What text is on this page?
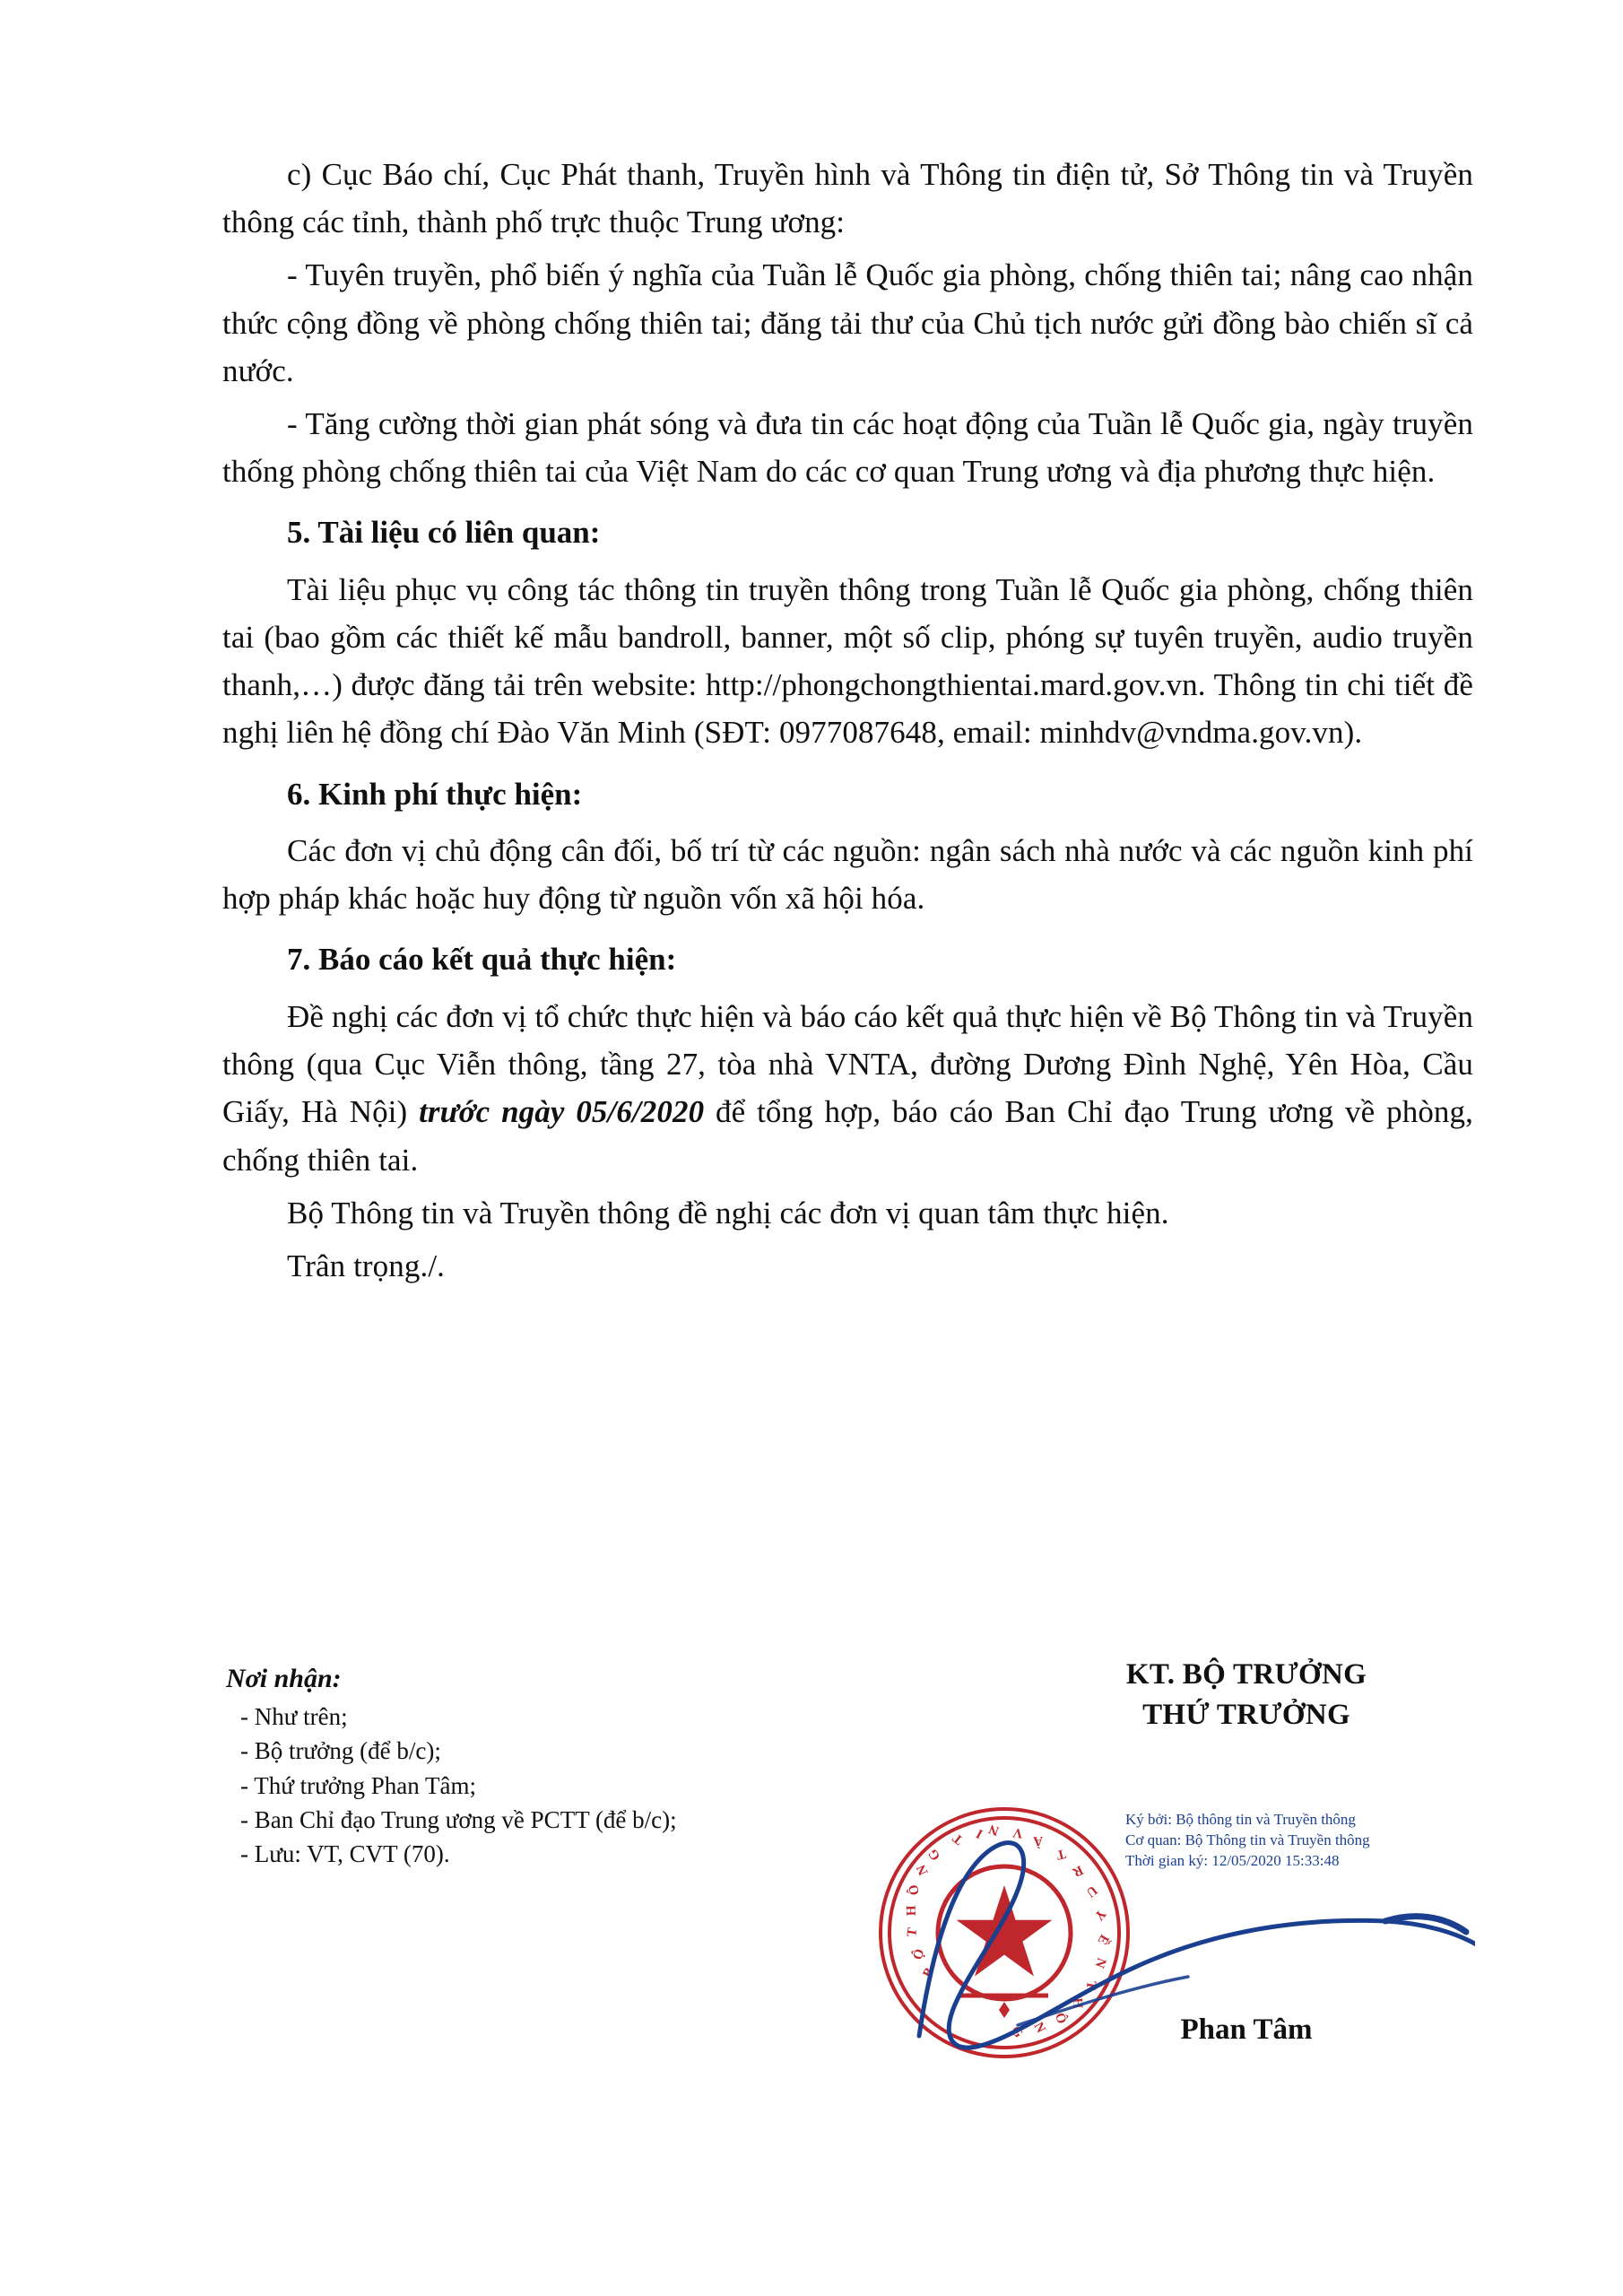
c) Cục Báo chí, Cục Phát thanh, Truyền hình và Thông tin điện tử, Sở Thông tin và Truyền thông các tỉnh, thành phố trực thuộc Trung ương:

- Tuyên truyền, phổ biến ý nghĩa của Tuần lễ Quốc gia phòng, chống thiên tai; nâng cao nhận thức cộng đồng về phòng chống thiên tai; đăng tải thư của Chủ tịch nước gửi đồng bào chiến sĩ cả nước.

- Tăng cường thời gian phát sóng và đưa tin các hoạt động của Tuần lễ Quốc gia, ngày truyền thống phòng chống thiên tai của Việt Nam do các cơ quan Trung ương và địa phương thực hiện.

5. Tài liệu có liên quan:

Tài liệu phục vụ công tác thông tin truyền thông trong Tuần lễ Quốc gia phòng, chống thiên tai (bao gồm các thiết kế mẫu bandroll, banner, một số clip, phóng sự tuyên truyền, audio truyền thanh,…) được đăng tải trên website: http://phongchongthientai.mard.gov.vn. Thông tin chi tiết đề nghị liên hệ đồng chí Đào Văn Minh (SĐT: 0977087648, email: minhdv@vndma.gov.vn).

6. Kinh phí thực hiện:

Các đơn vị chủ động cân đối, bố trí từ các nguồn: ngân sách nhà nước và các nguồn kinh phí hợp pháp khác hoặc huy động từ nguồn vốn xã hội hóa.

7. Báo cáo kết quả thực hiện:

Đề nghị các đơn vị tổ chức thực hiện và báo cáo kết quả thực hiện về Bộ Thông tin và Truyền thông (qua Cục Viễn thông, tầng 27, tòa nhà VNTA, đường Dương Đình Nghệ, Yên Hòa, Cầu Giấy, Hà Nội) trước ngày 05/6/2020 để tổng hợp, báo cáo Ban Chỉ đạo Trung ương về phòng, chống thiên tai.

Bộ Thông tin và Truyền thông đề nghị các đơn vị quan tâm thực hiện.

Trân trọng./.

Nơi nhận:
- Như trên;
- Bộ trưởng (để b/c);
- Thứ trưởng Phan Tâm;
- Ban Chỉ đạo Trung ương về PCTT (để b/c);
- Lưu: VT, CVT (70).
KT. BỘ TRƯỞNG
THỨ TRƯỞNG
B
Ộ
T
H
Ô
N
G
T I N V
À
T
R
U
Y
Ề
N
T
H
Ô
N
G
Ký bởi: Bộ thông tin và Truyền thông
Cơ quan: Bộ Thông tin và Truyền thông
Thời gian ký: 12/05/2020 15:33:48
Phan Tâm
